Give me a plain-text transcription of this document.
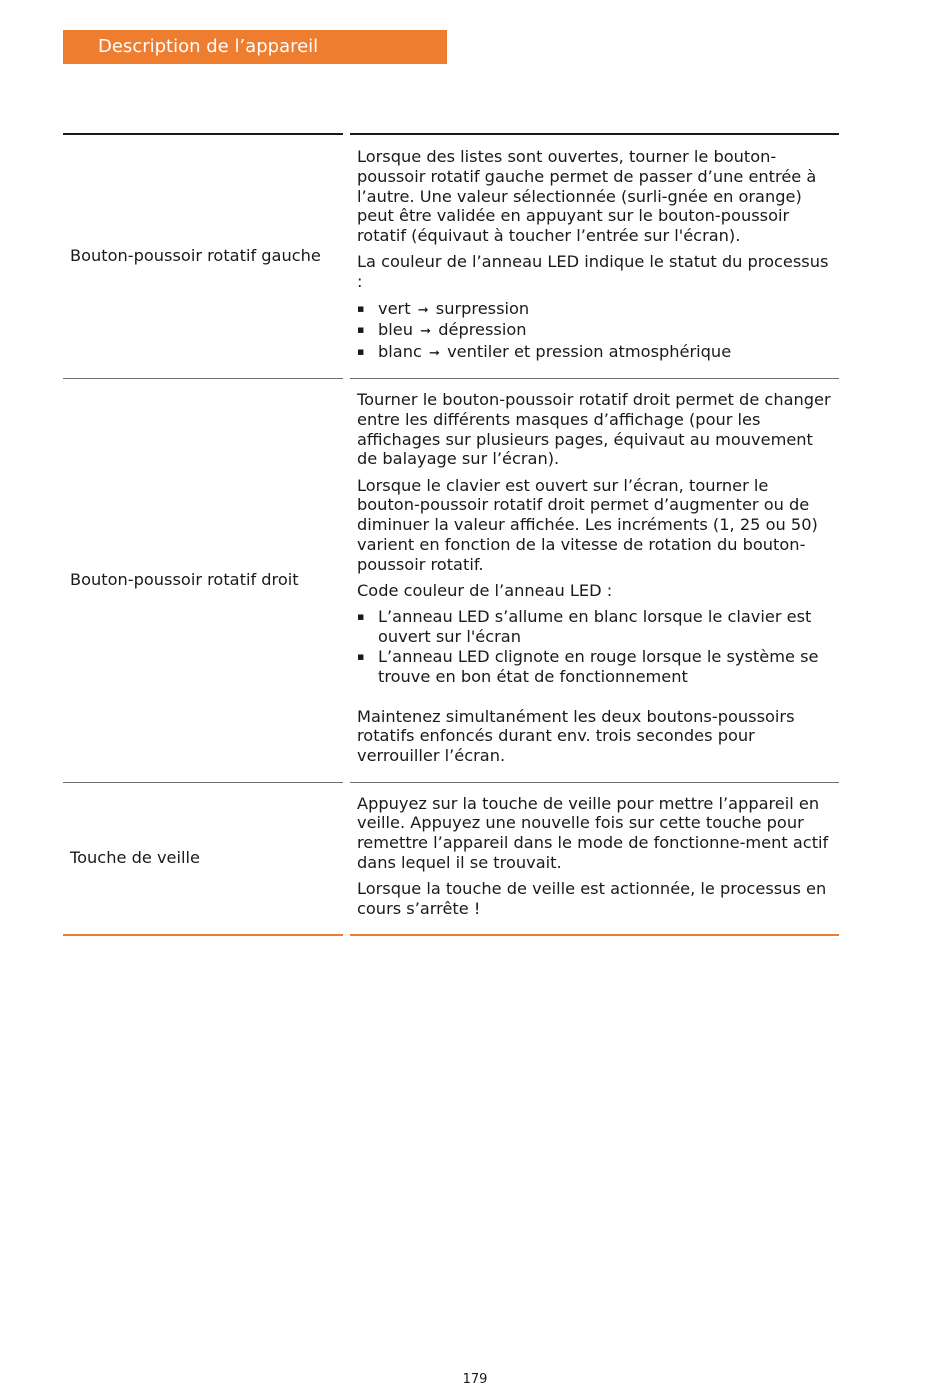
Description de l’appareil
Bouton-poussoir rotatif gauche

Lorsque des listes sont ouvertes, tourner le bouton-poussoir rotatif gauche permet de passer d’une entrée à l’autre. Une valeur sélectionnée (surli-gnée en orange) peut être validée en appuyant sur le bouton-poussoir rotatif (équivaut à toucher l’entrée sur l'écran).

La couleur de l’anneau LED indique le statut du processus :

▪ vert ➞ surpression
▪ bleu ➞ dépression
▪ blanc ➞ ventiler et pression atmosphérique
Bouton-poussoir rotatif droit

Tourner le bouton-poussoir rotatif droit permet de changer entre les différents masques d’affichage (pour les affichages sur plusieurs pages, équivaut au mouvement de balayage sur l’écran).

Lorsque le clavier est ouvert sur l’écran, tourner le bouton-poussoir rotatif droit permet d’augmenter ou de diminuer la valeur affichée. Les incréments (1, 25 ou 50) varient en fonction de la vitesse de rotation du bouton-poussoir rotatif.

Code couleur de l’anneau LED :

▪ L’anneau LED s’allume en blanc lorsque le clavier est ouvert sur l'écran
▪ L’anneau LED clignote en rouge lorsque le système se trouve en bon état de fonctionnement

Maintenez simultanément les deux boutons-poussoirs rotatifs enfoncés durant env. trois secondes pour verrouiller l’écran.

Touche de veille

Appuyez sur la touche de veille pour mettre l’appareil en veille. Appuyez une nouvelle fois sur cette touche pour remettre l’appareil dans le mode de fonctionne-ment actif dans lequel il se trouvait.

Lorsque la touche de veille est actionnée, le processus en cours s’arrête !

179
